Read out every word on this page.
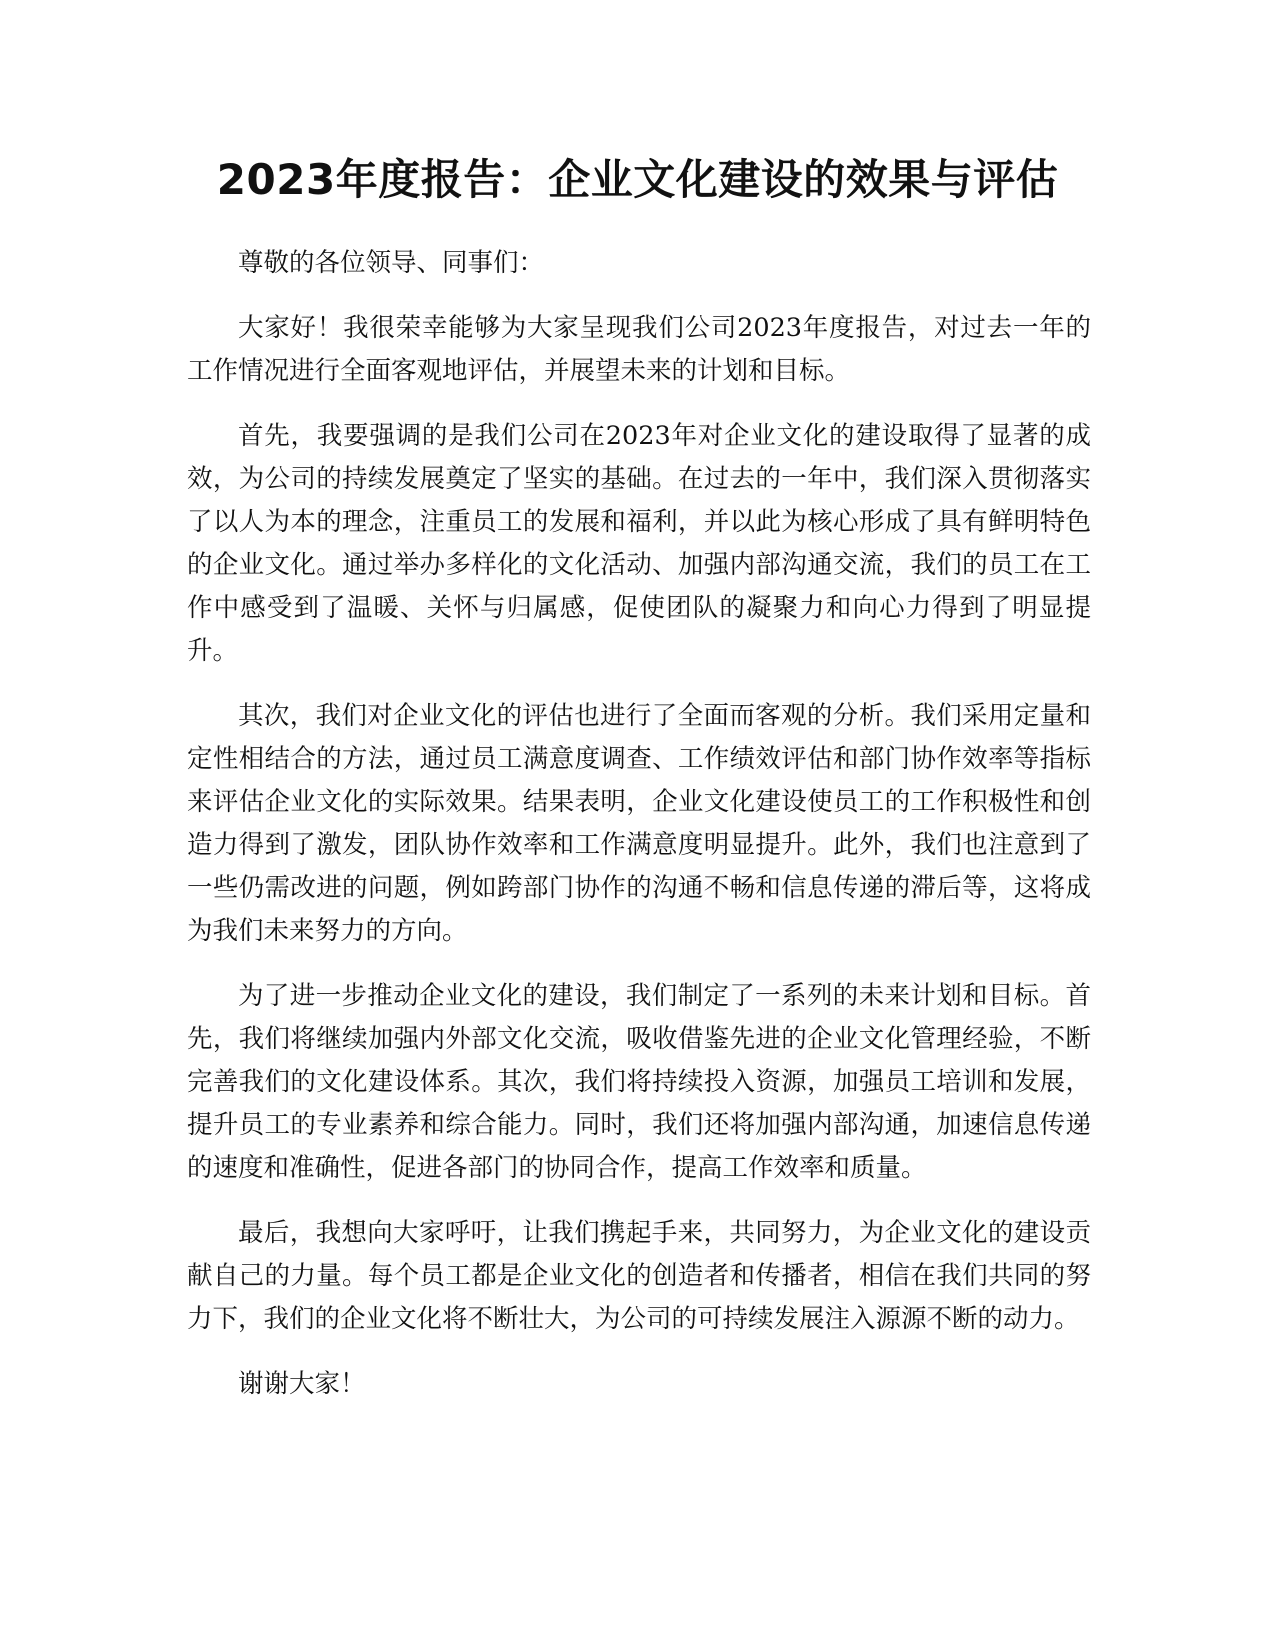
2023年度报告：企业文化建设的效果与评估

尊敬的各位领导、同事们：

大家好！我很荣幸能够为大家呈现我们公司2023年度报告，对过去一年的工作情况进行全面客观地评估，并展望未来的计划和目标。

首先，我要强调的是我们公司在2023年对企业文化的建设取得了显著的成效，为公司的持续发展奠定了坚实的基础。在过去的一年中，我们深入贯彻落实了以人为本的理念，注重员工的发展和福利，并以此为核心形成了具有鲜明特色的企业文化。通过举办多样化的文化活动、加强内部沟通交流，我们的员工在工作中感受到了温暖、关怀与归属感，促使团队的凝聚力和向心力得到了明显提升。

其次，我们对企业文化的评估也进行了全面而客观的分析。我们采用定量和定性相结合的方法，通过员工满意度调查、工作绩效评估和部门协作效率等指标来评估企业文化的实际效果。结果表明，企业文化建设使员工的工作积极性和创造力得到了激发，团队协作效率和工作满意度明显提升。此外，我们也注意到了一些仍需改进的问题，例如跨部门协作的沟通不畅和信息传递的滞后等，这将成为我们未来努力的方向。

为了进一步推动企业文化的建设，我们制定了一系列的未来计划和目标。首先，我们将继续加强内外部文化交流，吸收借鉴先进的企业文化管理经验，不断完善我们的文化建设体系。其次，我们将持续投入资源，加强员工培训和发展，提升员工的专业素养和综合能力。同时，我们还将加强内部沟通，加速信息传递的速度和准确性，促进各部门的协同合作，提高工作效率和质量。

最后，我想向大家呼吁，让我们携起手来，共同努力，为企业文化的建设贡献自己的力量。每个员工都是企业文化的创造者和传播者，相信在我们共同的努力下，我们的企业文化将不断壮大，为公司的可持续发展注入源源不断的动力。

谢谢大家！
